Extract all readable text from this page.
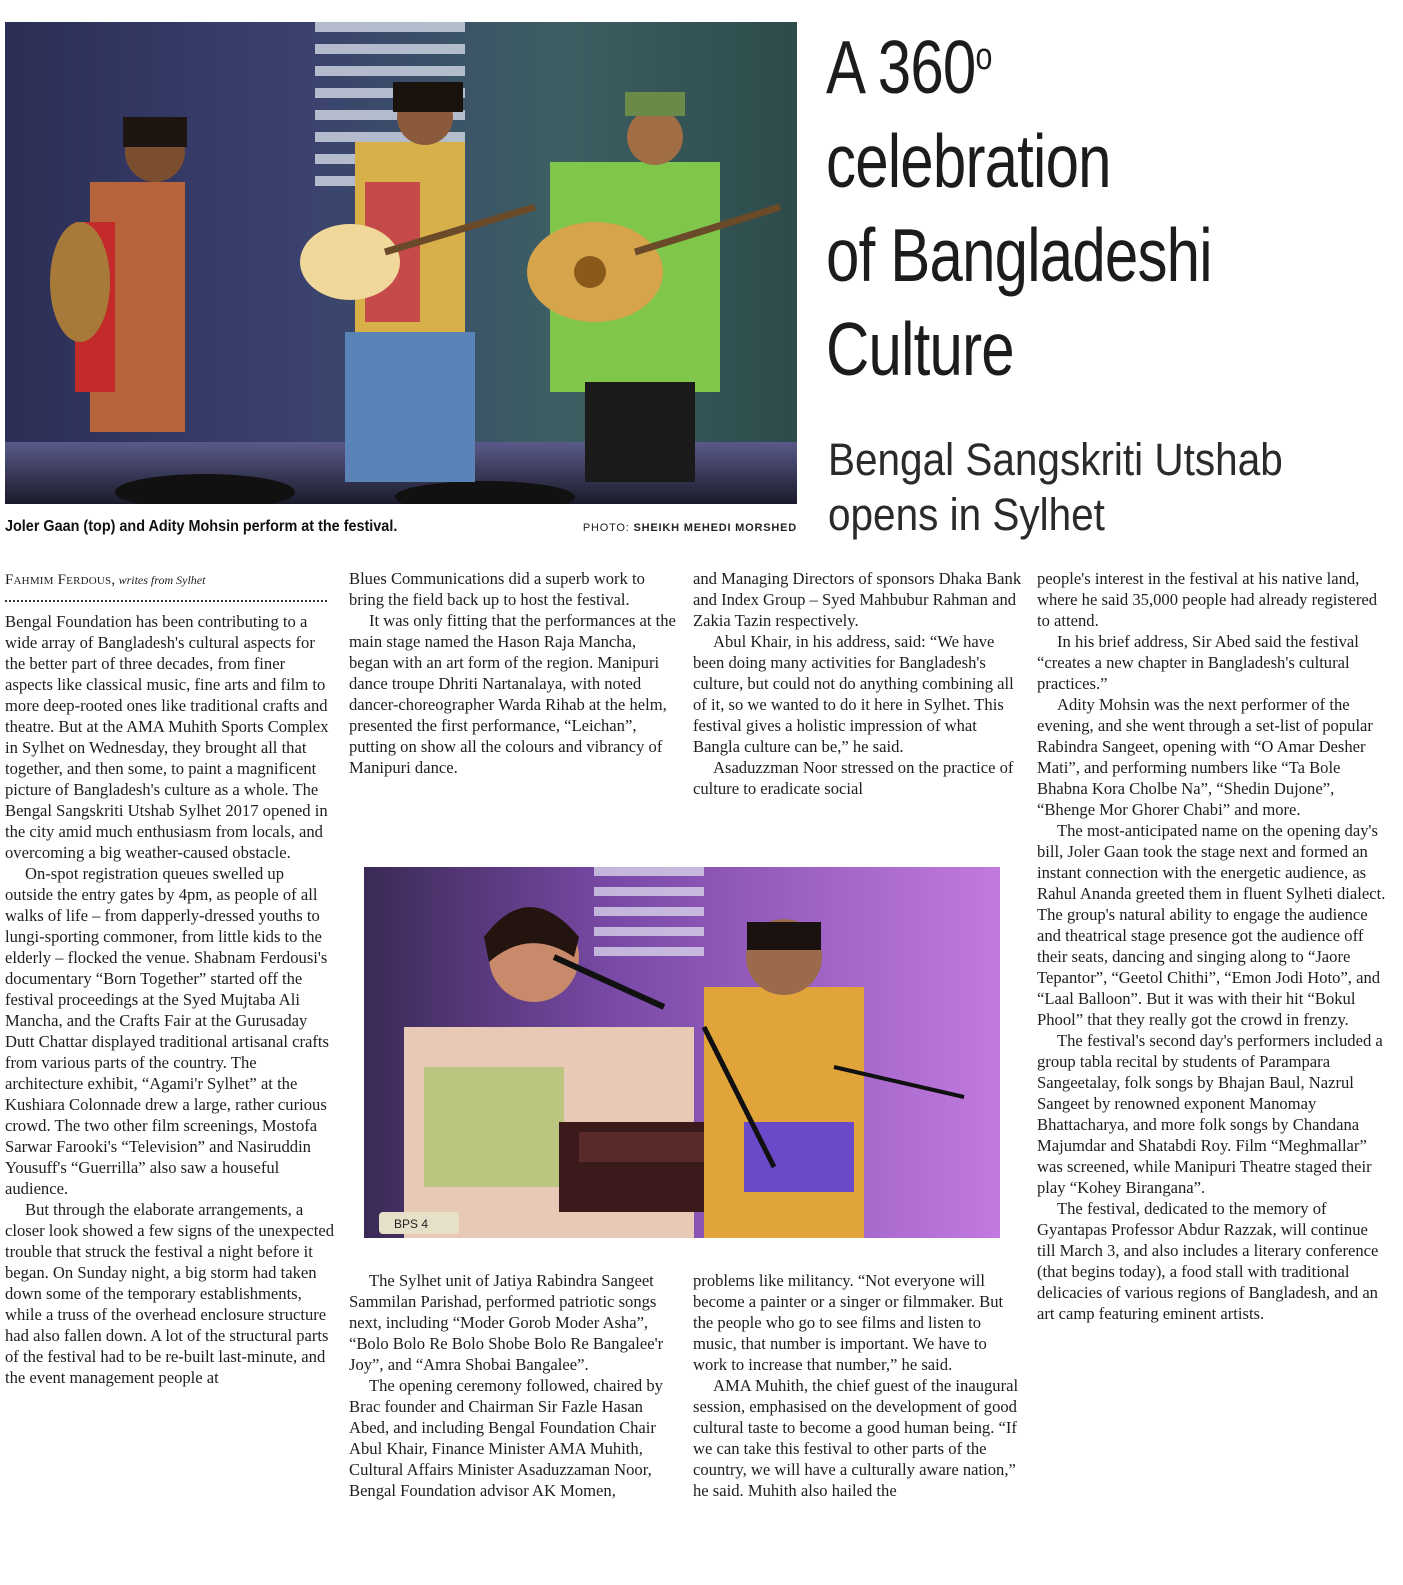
Joler Gaan (top) and Adity Mohsin perform at the festival.	PHOTO: SHEIKH MEHEDI MORSHED
A 360$^o$
celebration
of Bangladeshi
Culture
Bengal Sangskriti Utshab
opens in Sylhet
Fahmim Ferdous, writes from Sylhet

Bengal Foundation has been contributing to a wide array of Bangladesh's cultural aspects for the better part of three decades, from finer aspects like classical music, fine arts and film to more deep-rooted ones like traditional crafts and theatre. But at the AMA Muhith Sports Complex in Sylhet on Wednesday, they brought all that together, and then some, to paint a magnificent picture of Bangladesh's culture as a whole. The Bengal Sangskriti Utshab Sylhet 2017 opened in the city amid much enthusiasm from locals, and overcoming a big weather-caused obstacle.

On-spot registration queues swelled up outside the entry gates by 4pm, as people of all walks of life – from dapperly-dressed youths to lungi-sporting commoner, from little kids to the elderly – flocked the venue. Shabnam Ferdousi's documentary “Born Together” started off the festival proceedings at the Syed Mujtaba Ali Mancha, and the Crafts Fair at the Gurusaday Dutt Chattar displayed traditional artisanal crafts from various parts of the country. The architecture exhibit, “Agami'r Sylhet” at the Kushiara Colonnade drew a large, rather curious crowd. The two other film screenings, Mostofa Sarwar Farooki's “Television” and Nasiruddin Yousuff's “Guerrilla” also saw a houseful audience.

But through the elaborate arrangements, a closer look showed a few signs of the unexpected trouble that struck the festival a night before it began. On Sunday night, a big storm had taken down some of the temporary establishments, while a truss of the overhead enclosure structure had also fallen down. A lot of the structural parts of the festival had to be re-built last-minute, and the event management people at

Blues Communications did a superb work to bring the field back up to host the festival.

It was only fitting that the performances at the main stage named the Hason Raja Mancha, began with an art form of the region. Manipuri dance troupe Dhriti Nartanalaya, with noted dancer-choreographer Warda Rihab at the helm, presented the first performance, “Leichan”, putting on show all the colours and vibrancy of Manipuri dance.

and Managing Directors of sponsors Dhaka Bank and Index Group – Syed Mahbubur Rahman and Zakia Tazin respectively.

Abul Khair, in his address, said: “We have been doing many activities for Bangladesh's culture, but could not do anything combining all of it, so we wanted to do it here in Sylhet. This festival gives a holistic impression of what Bangla culture can be,” he said.

Asaduzzman Noor stressed on the practice of culture to eradicate social

BPS 4

The Sylhet unit of Jatiya Rabindra Sangeet Sammilan Parishad, performed patriotic songs next, including “Moder Gorob Moder Asha”, “Bolo Bolo Re Bolo Shobe Bolo Re Bangalee'r Joy”, and “Amra Shobai Bangalee”.

The opening ceremony followed, chaired by Brac founder and Chairman Sir Fazle Hasan Abed, and including Bengal Foundation Chair Abul Khair, Finance Minister AMA Muhith, Cultural Affairs Minister Asaduzzaman Noor, Bengal Foundation advisor AK Momen,

problems like militancy. “Not everyone will become a painter or a singer or filmmaker. But the people who go to see films and listen to music, that number is important. We have to work to increase that number,” he said.

AMA Muhith, the chief guest of the inaugural session, emphasised on the development of good cultural taste to become a good human being. “If we can take this festival to other parts of the country, we will have a culturally aware nation,” he said. Muhith also hailed the

people's interest in the festival at his native land, where he said 35,000 people had already registered to attend.

In his brief address, Sir Abed said the festival “creates a new chapter in Bangladesh's cultural practices.”

Adity Mohsin was the next performer of the evening, and she went through a set-list of popular Rabindra Sangeet, opening with “O Amar Desher Mati”, and performing numbers like “Ta Bole Bhabna Kora Cholbe Na”, “Shedin Dujone”, “Bhenge Mor Ghorer Chabi” and more.

The most-anticipated name on the opening day's bill, Joler Gaan took the stage next and formed an instant connection with the energetic audience, as Rahul Ananda greeted them in fluent Sylheti dialect. The group's natural ability to engage the audience and theatrical stage presence got the audience off their seats, dancing and singing along to “Jaore Tepantor”, “Geetol Chithi”, “Emon Jodi Hoto”, and “Laal Balloon”. But it was with their hit “Bokul Phool” that they really got the crowd in frenzy.

The festival's second day's performers included a group tabla recital by students of Parampara Sangeetalay, folk songs by Bhajan Baul, Nazrul Sangeet by renowned exponent Manomay Bhattacharya, and more folk songs by Chandana Majumdar and Shatabdi Roy. Film “Meghmallar” was screened, while Manipuri Theatre staged their play “Kohey Birangana”.

The festival, dedicated to the memory of Gyantapas Professor Abdur Razzak, will continue till March 3, and also includes a literary conference (that begins today), a food stall with traditional delicacies of various regions of Bangladesh, and an art camp featuring eminent artists.
